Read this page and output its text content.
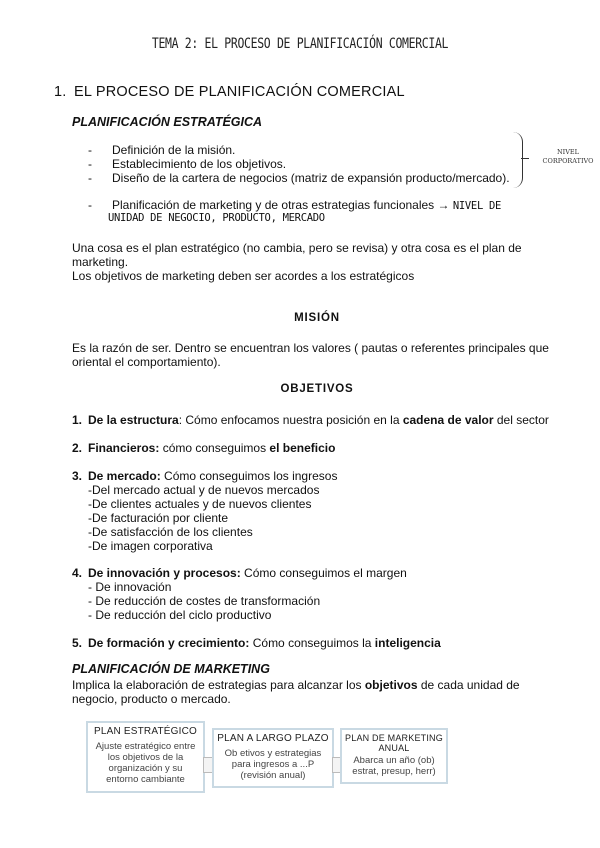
TEMA 2: EL PROCESO DE PLANIFICACIÓN COMERCIAL
1. EL PROCESO DE PLANIFICACIÓN COMERCIAL
PLANIFICACIÓN ESTRATÉGICA
- Definición de la misión.
- Establecimiento de los objetivos.
- Diseño de la cartera de negocios (matriz de expansión producto/mercado).
NIVEL
CORPORATIVO
- Planificación de marketing y de otras estrategias funcionales → NIVEL DE
UNIDAD DE NEGOCIO, PRODUCTO, MERCADO
Una cosa es el plan estratégico (no cambia, pero se revisa) y otra cosa es el plan de
marketing.
Los objetivos de marketing deben ser acordes a los estratégicos
MISIÓN
Es la razón de ser. Dentro se encuentran los valores ( pautas o referentes principales que
oriental el comportamiento).
OBJETIVOS
1. De la estructura: Cómo enfocamos nuestra posición en la cadena de valor del sector
2. Financieros: cómo conseguimos el beneficio
3. De mercado: Cómo conseguimos los ingresos
-Del mercado actual y de nuevos mercados
-De clientes actuales y de nuevos clientes
-De facturación por cliente
-De satisfacción de los clientes
-De imagen corporativa
4. De innovación y procesos: Cómo conseguimos el margen
- De innovación
- De reducción de costes de transformación
- De reducción del ciclo productivo
5. De formación y crecimiento: Cómo conseguimos la inteligencia
PLANIFICACIÓN DE MARKETING
Implica la elaboración de estrategias para alcanzar los objetivos de cada unidad de
negocio, producto o mercado.
PLAN ESTRATÉGICO
Ajuste estratégico entre
los objetivos de la
organización y su
entorno cambiante
PLAN A LARGO PLAZO
Ob etivos y estrategias
para ingresos a ...P
(revisión anual)
PLAN DE MARKETING
ANUAL
Abarca un año (ob)
estrat, presup, herr)
